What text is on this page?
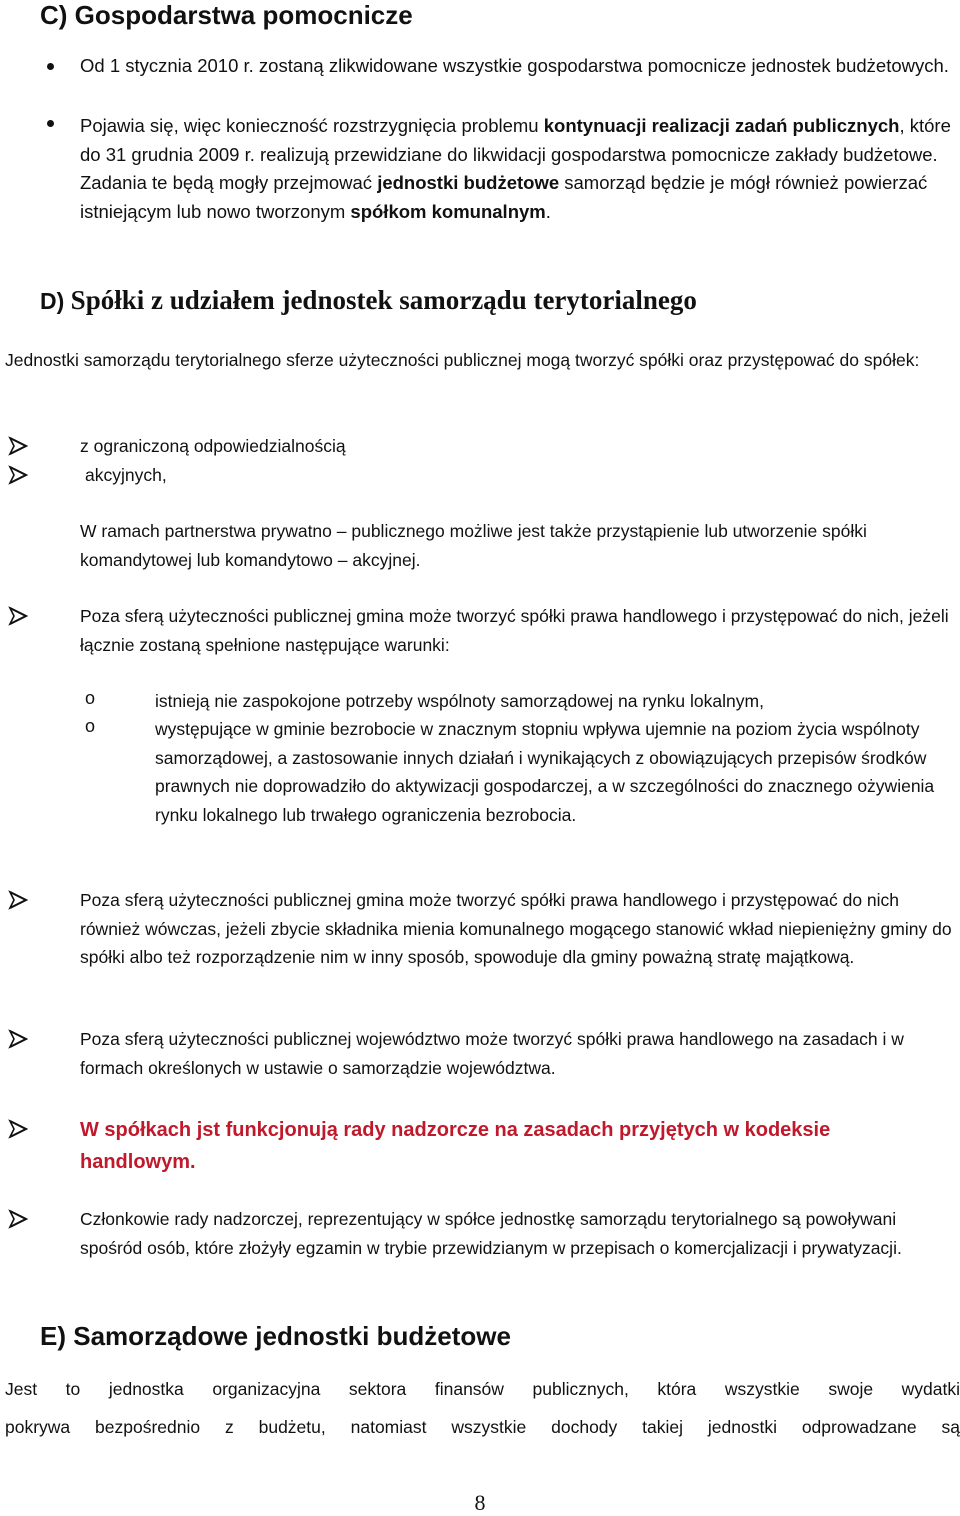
C) Gospodarstwa pomocnicze
Od 1 stycznia 2010 r. zostaną zlikwidowane wszystkie gospodarstwa pomocnicze jednostek budżetowych.
Pojawia się, więc konieczność rozstrzygnięcia problemu kontynuacji realizacji zadań publicznych, które do 31 grudnia 2009 r. realizują przewidziane do likwidacji gospodarstwa pomocnicze zakłady budżetowe. Zadania te będą mogły przejmować jednostki budżetowe samorząd będzie je mógł również powierzać istniejącym lub nowo tworzonym spółkom komunalnym.
D) Spółki z udziałem jednostek samorządu terytorialnego
Jednostki samorządu terytorialnego sferze użyteczności publicznej mogą tworzyć spółki oraz przystępować do spółek:
z ograniczoną odpowiedzialnością
akcyjnych,
W ramach partnerstwa prywatno – publicznego możliwe jest także przystąpienie lub utworzenie spółki komandytowej lub komandytowo – akcyjnej.
Poza sferą użyteczności publicznej gmina może tworzyć spółki prawa handlowego i przystępować do nich, jeżeli łącznie zostaną spełnione następujące warunki:
o	istnieją nie zaspokojone potrzeby wspólnoty samorządowej na rynku lokalnym,
o	występujące w gminie bezrobocie w znacznym stopniu wpływa ujemnie na poziom życia wspólnoty samorządowej, a zastosowanie innych działań i wynikających z obowiązujących przepisów środków prawnych nie doprowadziło do aktywizacji gospodarczej, a w szczególności do znacznego ożywienia rynku lokalnego lub trwałego ograniczenia bezrobocia.
Poza sferą użyteczności publicznej gmina może tworzyć spółki prawa handlowego i przystępować do nich również wówczas, jeżeli zbycie składnika mienia komunalnego mogącego stanowić wkład niepieniężny gminy do spółki albo też rozporządzenie nim w inny sposób, spowoduje dla gminy poważną stratę majątkową.
Poza sferą użyteczności publicznej województwo może tworzyć spółki prawa handlowego na zasadach i w formach określonych w ustawie o samorządzie województwa.
W spółkach jst funkcjonują rady nadzorcze na zasadach przyjętych w kodeksie handlowym.
Członkowie rady nadzorczej, reprezentujący w spółce jednostkę samorządu terytorialnego są powoływani spośród osób, które złożyły egzamin w trybie przewidzianym w przepisach o komercjalizacji i prywatyzacji.
E) Samorządowe jednostki budżetowe
Jest to jednostka organizacyjna sektora finansów publicznych, która wszystkie swoje wydatki
pokrywa bezpośrednio z budżetu, natomiast wszystkie dochody takiej jednostki odprowadzane są
8
